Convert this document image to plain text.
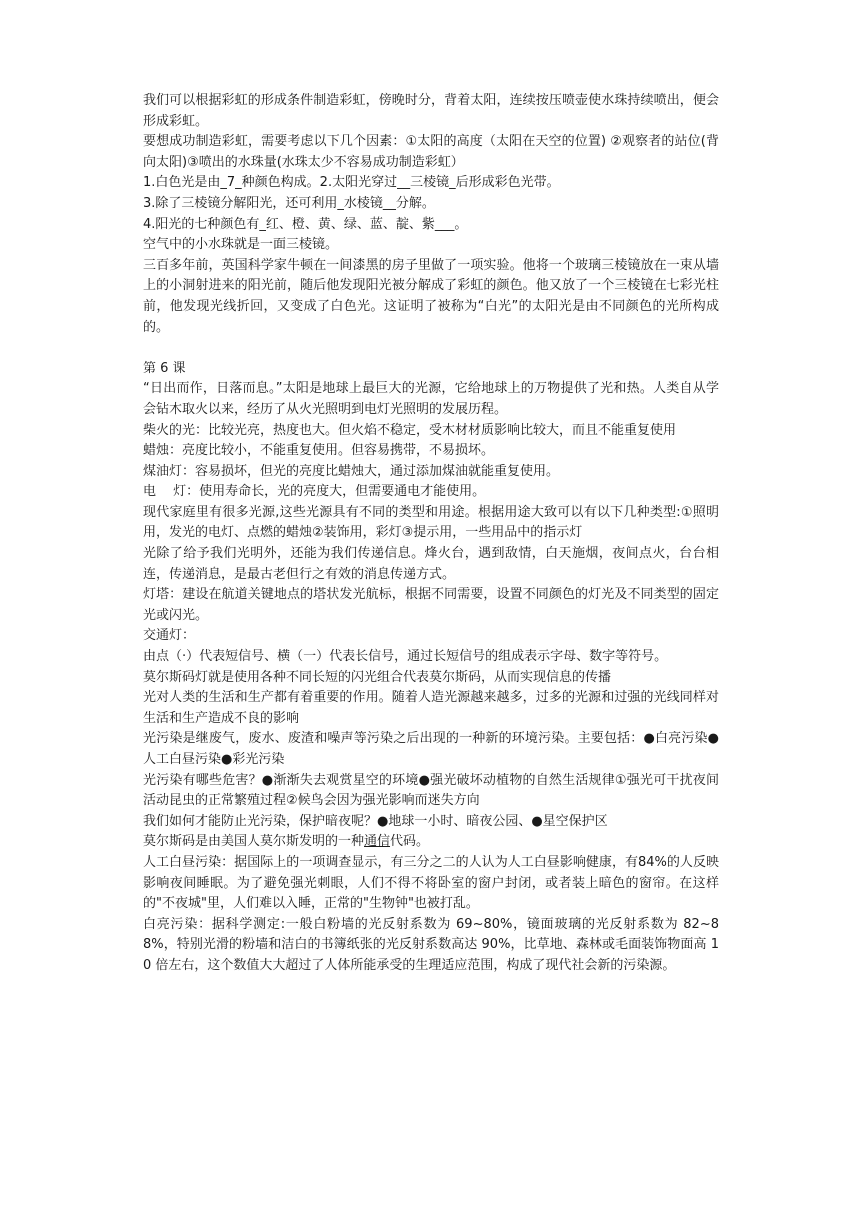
我们可以根据彩虹的形成条件制造彩虹，傍晚时分，背着太阳，连续按压喷壶使水珠持续喷出，便会形成彩虹。

要想成功制造彩虹，需要考虑以下几个因素：①太阳的高度（太阳在天空的位置) ②观察者的站位(背向太阳)③喷出的水珠量(水珠太少不容易成功制造彩虹）

1.白色光是由_7_种颜色构成。2.太阳光穿过__三棱镜_后形成彩色光带。

3.除了三棱镜分解阳光，还可利用_水棱镜__分解。

4.阳光的七种颜色有_红、橙、黄、绿、蓝、靛、紫___。

空气中的小水珠就是一面三棱镜。

三百多年前，英国科学家牛顿在一间漆黑的房子里做了一项实验。他将一个玻璃三棱镜放在一束从墙上的小洞射进来的阳光前，随后他发现阳光被分解成了彩虹的颜色。他又放了一个三棱镜在七彩光柱前，他发现光线折回，又变成了白色光。这证明了被称为“白光”的太阳光是由不同颜色的光所构成的。

第 6 课

“日出而作，日落而息。”太阳是地球上最巨大的光源，它给地球上的万物提供了光和热。人类自从学会钻木取火以来，经历了从火光照明到电灯光照明的发展历程。

柴火的光：比较光亮，热度也大。但火焰不稳定，受木材材质影响比较大，而且不能重复使用

蜡烛：亮度比较小，不能重复使用。但容易携带，不易损坏。

煤油灯：容易损坏，但光的亮度比蜡烛大，通过添加煤油就能重复使用。

电　 灯：使用寿命长，光的亮度大，但需要通电才能使用。

现代家庭里有很多光源,这些光源具有不同的类型和用途。根据用途大致可以有以下几种类型:①照明用，发光的电灯、点燃的蜡烛②装饰用，彩灯③提示用，一些用品中的指示灯

光除了给予我们光明外，还能为我们传递信息。烽火台，遇到敌情，白天施烟，夜间点火，台台相连，传递消息，是最古老但行之有效的消息传递方式。

灯塔：建设在航道关键地点的塔状发光航标，根据不同需要，设置不同颜色的灯光及不同类型的固定光或闪光。

交通灯：

由点（·）代表短信号、横（一）代表长信号，通过长短信号的组成表示字母、数字等符号。

莫尔斯码灯就是使用各种不同长短的闪光组合代表莫尔斯码，从而实现信息的传播

光对人类的生活和生产都有着重要的作用。随着人造光源越来越多，过多的光源和过强的光线同样对生活和生产造成不良的影响

光污染是继废气，废水、废渣和噪声等污染之后出现的一种新的环境污染。主要包括：●白亮污染●人工白昼污染●彩光污染

光污染有哪些危害？●渐渐失去观赏星空的环境●强光破坏动植物的自然生活规律①强光可干扰夜间活动昆虫的正常繁殖过程②候鸟会因为强光影响而迷失方向

我们如何才能防止光污染，保护暗夜呢？●地球一小时、暗夜公园、●星空保护区

莫尔斯码是由美国人莫尔斯发明的一种通信代码。

人工白昼污染：据国际上的一项调查显示，有三分之二的人认为人工白昼影响健康，有84%的人反映影响夜间睡眠。为了避免强光刺眼，人们不得不将卧室的窗户封闭，或者装上暗色的窗帘。在这样的"不夜城"里，人们难以入睡，正常的"生物钟"也被打乱。

白亮污染：据科学测定:一般白粉墙的光反射系数为 69~80%，镜面玻璃的光反射系数为 82~88%，特别光滑的粉墙和洁白的书簿纸张的光反射系数高达 90%，比草地、森林或毛面装饰物面高 10 倍左右，这个数值大大超过了人体所能承受的生理适应范围，构成了现代社会新的污染源。
